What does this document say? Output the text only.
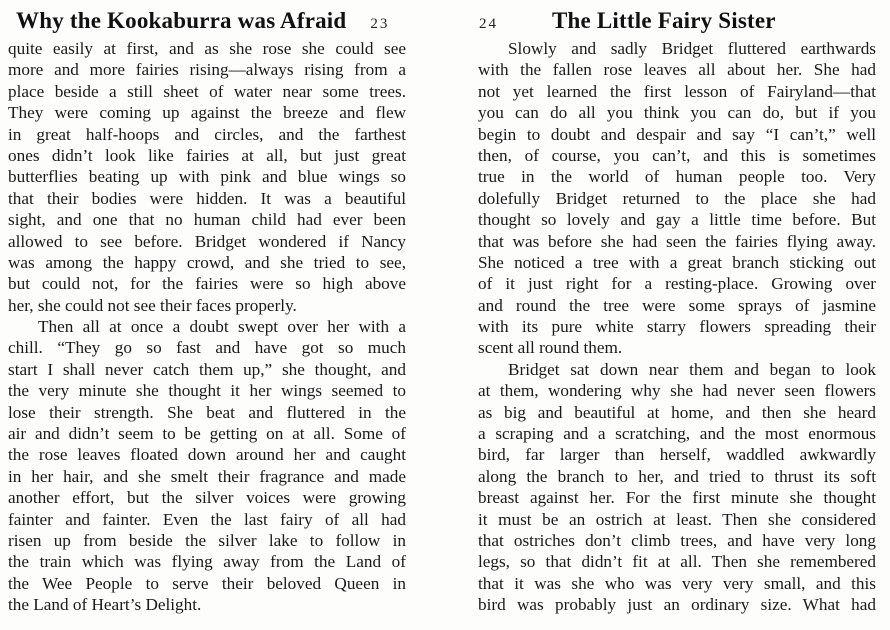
Why the Kookaburra was Afraid 23
quite easily at first, and as she rose she could see
more and more fairies rising—always rising from a
place beside a still sheet of water near some trees.
They were coming up against the breeze and flew
in great half-hoops and circles, and the farthest
ones didn’t look like fairies at all, but just great
butterflies beating up with pink and blue wings so
that their bodies were hidden. It was a beautiful
sight, and one that no human child had ever been
allowed to see before. Bridget wondered if Nancy
was among the happy crowd, and she tried to see,
but could not, for the fairies were so high above
her, she could not see their faces properly.
Then all at once a doubt swept over her with a
chill. “They go so fast and have got so much
start I shall never catch them up,” she thought, and
the very minute she thought it her wings seemed to
lose their strength. She beat and fluttered in the
air and didn’t seem to be getting on at all. Some of
the rose leaves floated down around her and caught
in her hair, and she smelt their fragrance and made
another effort, but the silver voices were growing
fainter and fainter. Even the last fairy of all had
risen up from beside the silver lake to follow in
the train which was flying away from the Land of
the Wee People to serve their beloved Queen in
the Land of Heart’s Delight.
24 The Little Fairy Sister
Slowly and sadly Bridget fluttered earthwards
with the fallen rose leaves all about her. She had
not yet learned the first lesson of Fairyland—that
you can do all you think you can do, but if you
begin to doubt and despair and say “I can’t,” well
then, of course, you can’t, and this is sometimes
true in the world of human people too. Very
dolefully Bridget returned to the place she had
thought so lovely and gay a little time before. But
that was before she had seen the fairies flying away.
She noticed a tree with a great branch sticking out
of it just right for a resting-place. Growing over
and round the tree were some sprays of jasmine
with its pure white starry flowers spreading their
scent all round them.
Bridget sat down near them and began to look
at them, wondering why she had never seen flowers
as big and beautiful at home, and then she heard
a scraping and a scratching, and the most enormous
bird, far larger than herself, waddled awkwardly
along the branch to her, and tried to thrust its soft
breast against her. For the first minute she thought
it must be an ostrich at least. Then she considered
that ostriches don’t climb trees, and have very long
legs, so that didn’t fit at all. Then she remembered
that it was she who was very very small, and this
bird was probably just an ordinary size. What had
